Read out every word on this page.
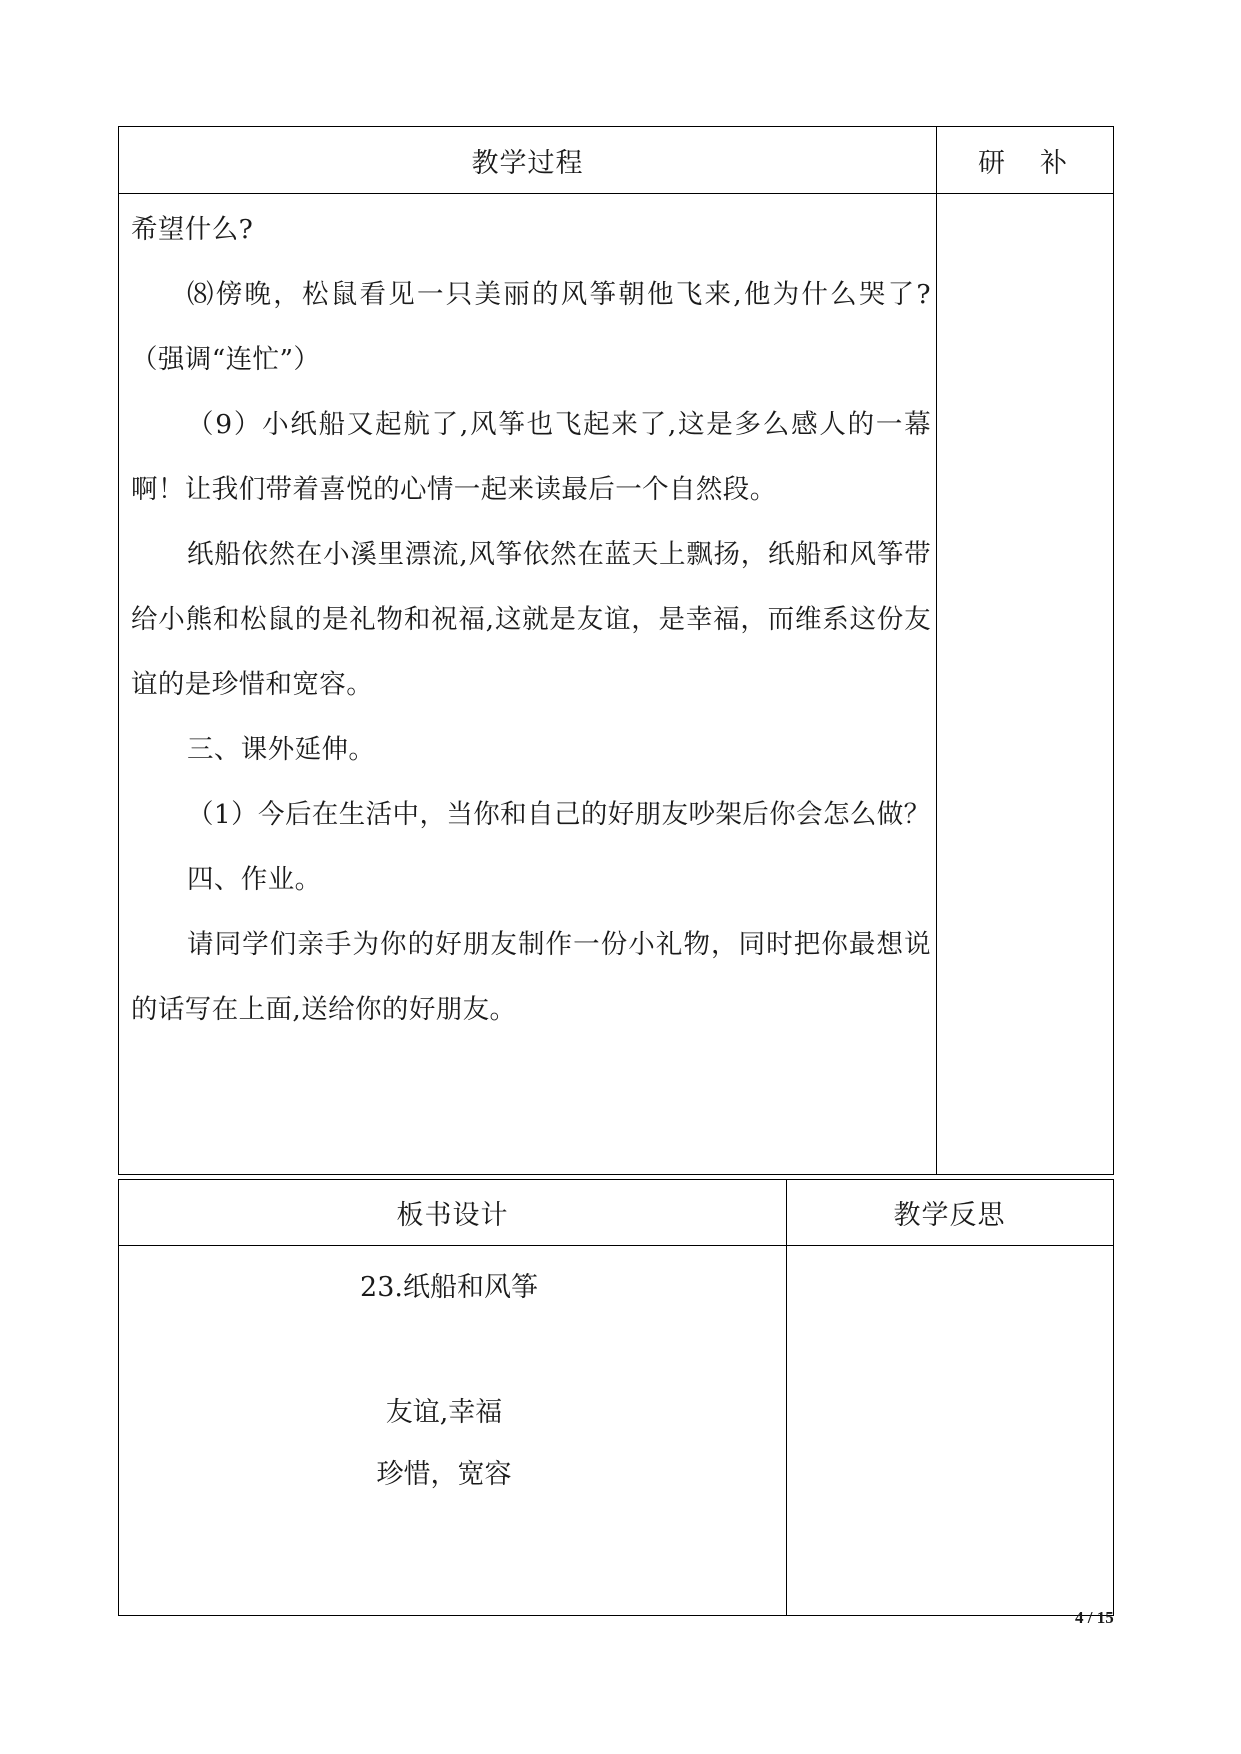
教学过程	研　补

希望什么?

⑻傍晚，松鼠看见一只美丽的风筝朝他飞来,他为什么哭了?（强调“连忙”）

（9）小纸船又起航了,风筝也飞起来了,这是多么感人的一幕啊！让我们带着喜悦的心情一起来读最后一个自然段。

纸船依然在小溪里漂流,风筝依然在蓝天上飘扬，纸船和风筝带给小熊和松鼠的是礼物和祝福,这就是友谊，是幸福，而维系这份友谊的是珍惜和宽容。

三、课外延伸。

（1）今后在生活中，当你和自己的好朋友吵架后你会怎么做？

四、作业。

请同学们亲手为你的好朋友制作一份小礼物，同时把你最想说的话写在上面,送给你的好朋友。

板书设计	教学反思
23.纸船和风筝
友谊,幸福
珍惜，宽容
4 / 15
